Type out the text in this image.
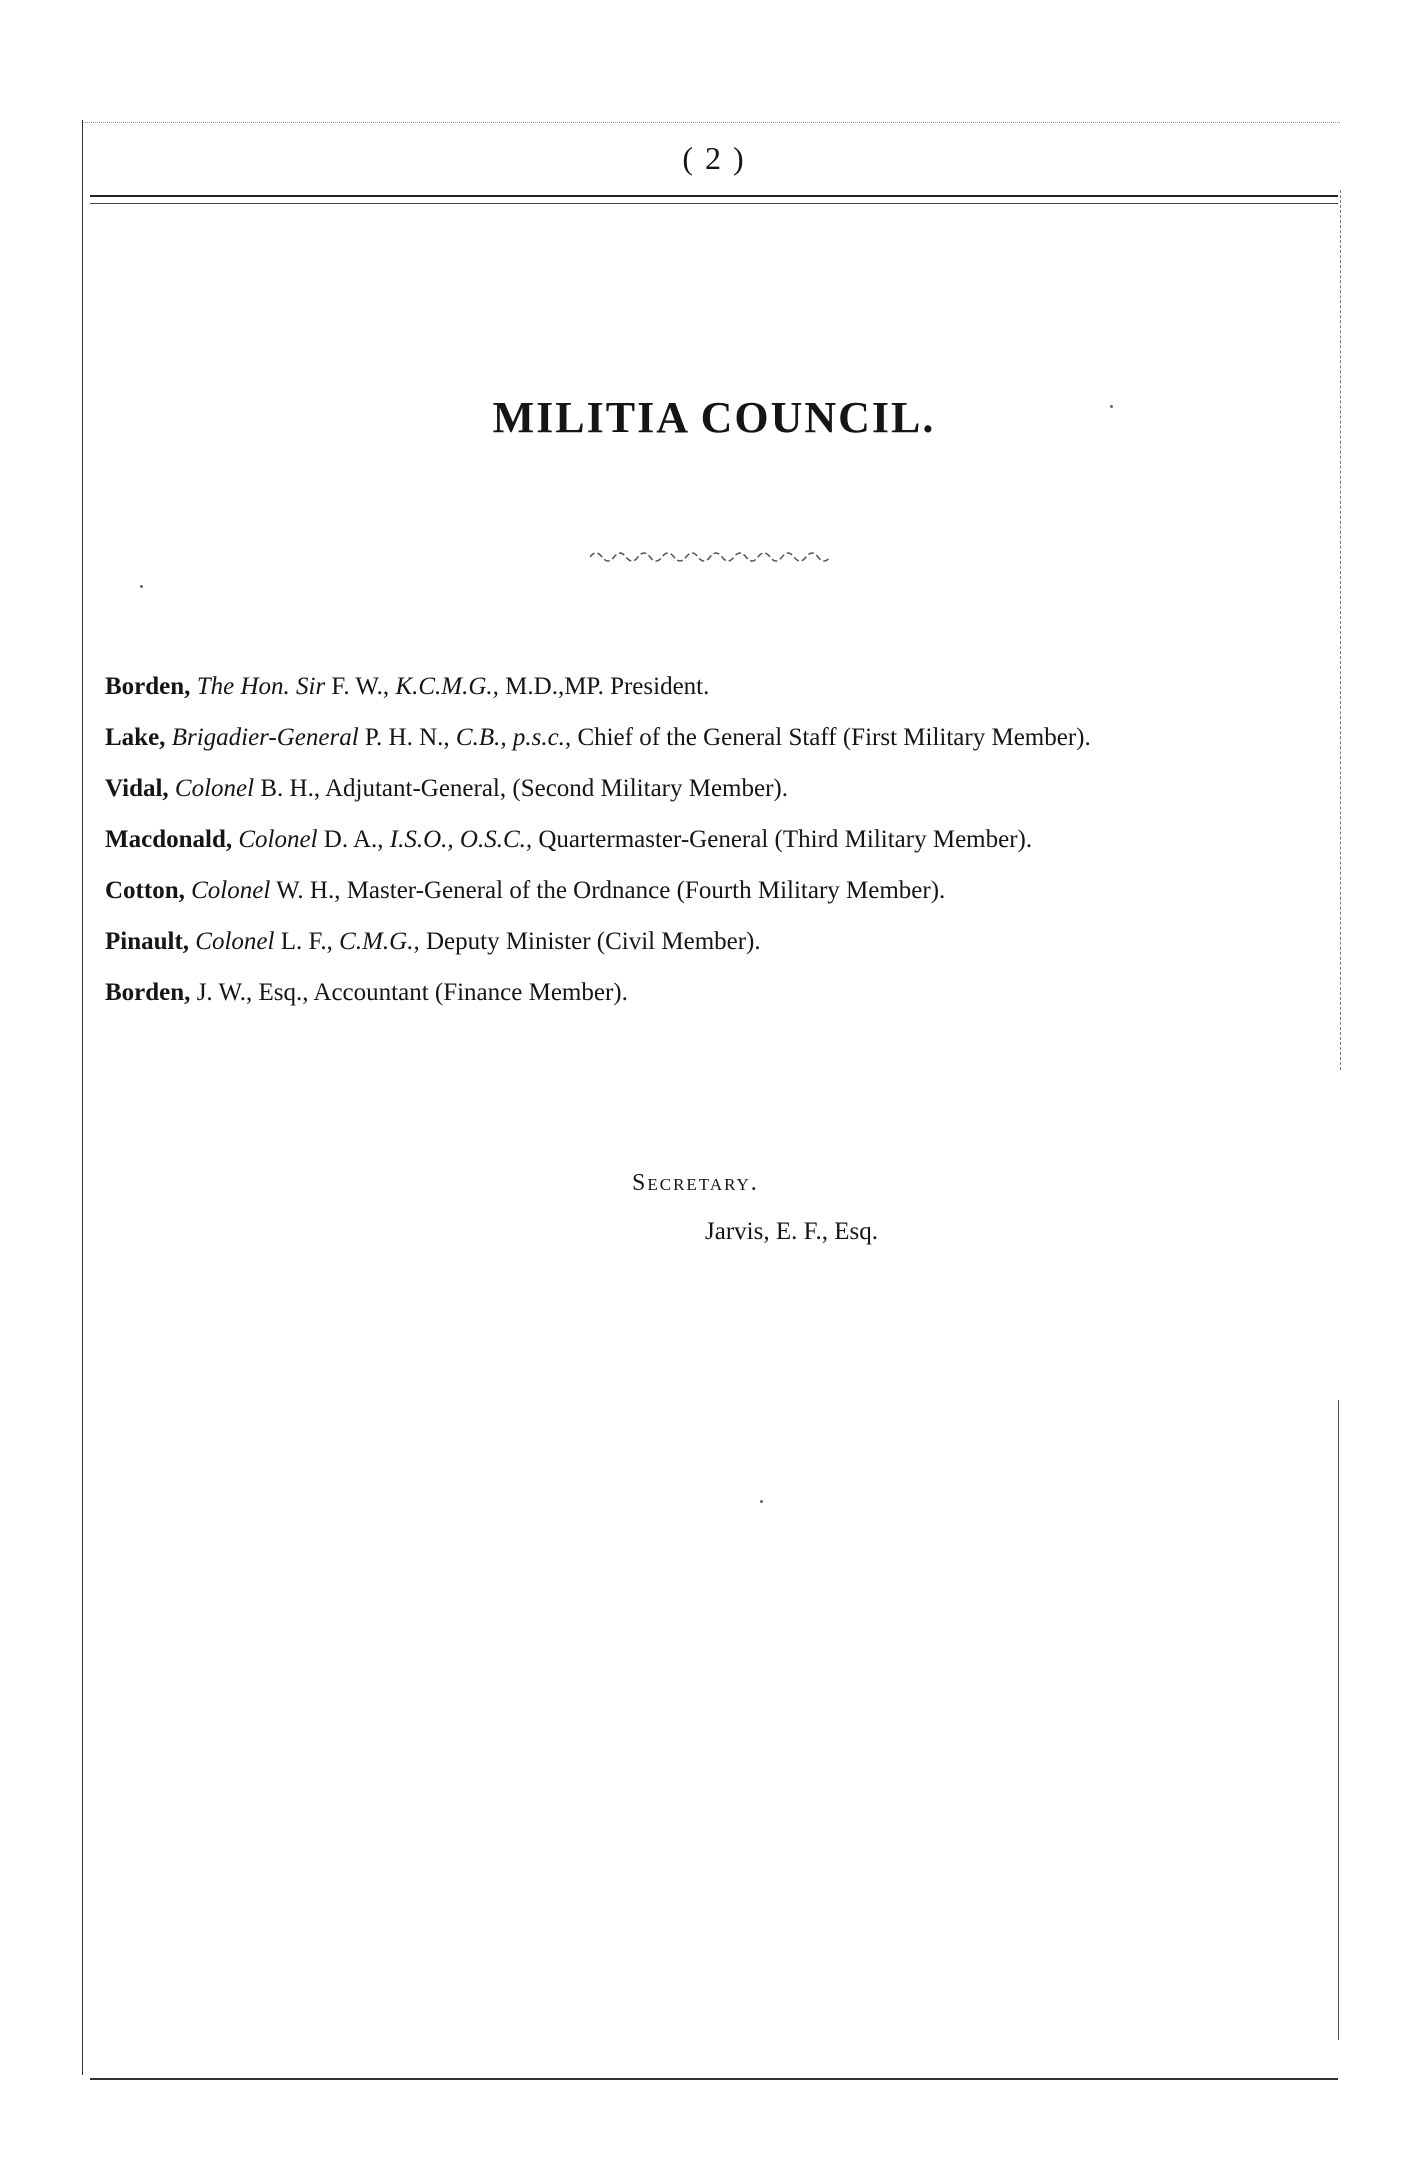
( 2 )
MILITIA COUNCIL.

Borden, The Hon. Sir F. W., K.C.M.G., M.D.,MP. President.

Lake, Brigadier-General P. H. N., C.B., p.s.c., Chief of the General Staff (First Military Member).

Vidal, Colonel B. H., Adjutant-General, (Second Military Member).

Macdonald, Colonel D. A., I.S.O., O.S.C., Quartermaster-General (Third Military Member).

Cotton, Colonel W. H., Master-General of the Ordnance (Fourth Military Member).

Pinault, Colonel L. F., C.M.G., Deputy Minister (Civil Member).

Borden, J. W., Esq., Accountant (Finance Member).

Secretary.
Jarvis, E. F., Esq.
